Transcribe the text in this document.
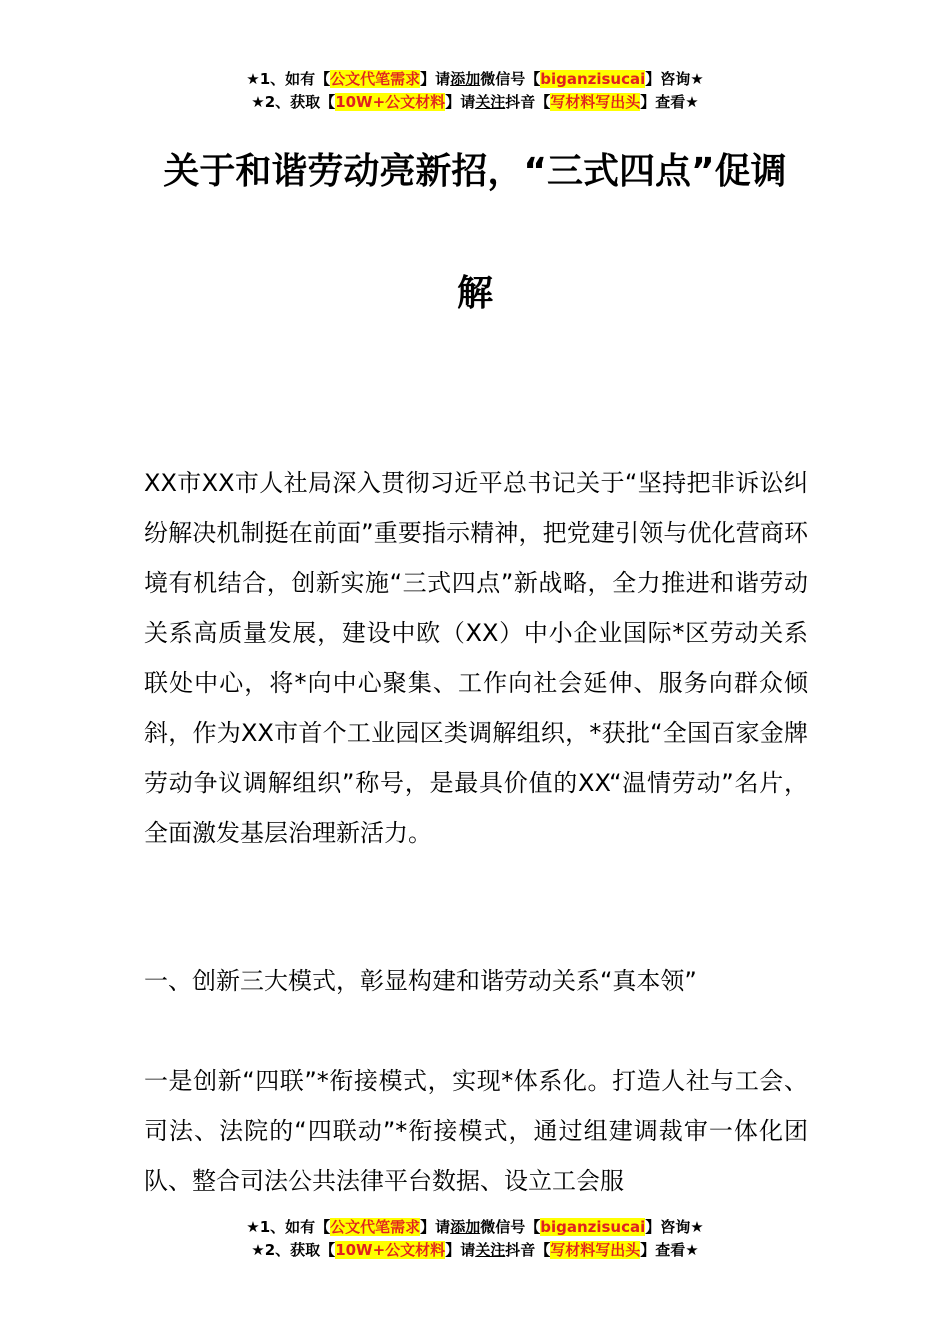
★1、如有【公文代笔需求】请添加微信号【biganzisucai】咨询★
★2、获取【10W+公文材料】请关注抖音【写材料写出头】查看★
关于和谐劳动亮新招，“三式四点”促调
解

XX市XX市人社局深入贯彻习近平总书记关于“坚持把非诉讼纠纷解决机制挺在前面”重要指示精神，把党建引领与优化营商环境有机结合，创新实施“三式四点”新战略，全力推进和谐劳动关系高质量发展，建设中欧（XX）中小企业国际*区劳动关系联处中心，将*向中心聚集、工作向社会延伸、服务向群众倾斜，作为XX市首个工业园区类调解组织，*获批“全国百家金牌劳动争议调解组织”称号，是最具价值的XX“温情劳动”名片，全面激发基层治理新活力。

一、创新三大模式，彰显构建和谐劳动关系“真本领”

一是创新“四联”*衔接模式，实现*体系化。打造人社与工会、司法、法院的“四联动”*衔接模式，通过组建调裁审一体化团队、整合司法公共法律平台数据、设立工会服

★1、如有【公文代笔需求】请添加微信号【biganzisucai】咨询★
★2、获取【10W+公文材料】请关注抖音【写材料写出头】查看★
